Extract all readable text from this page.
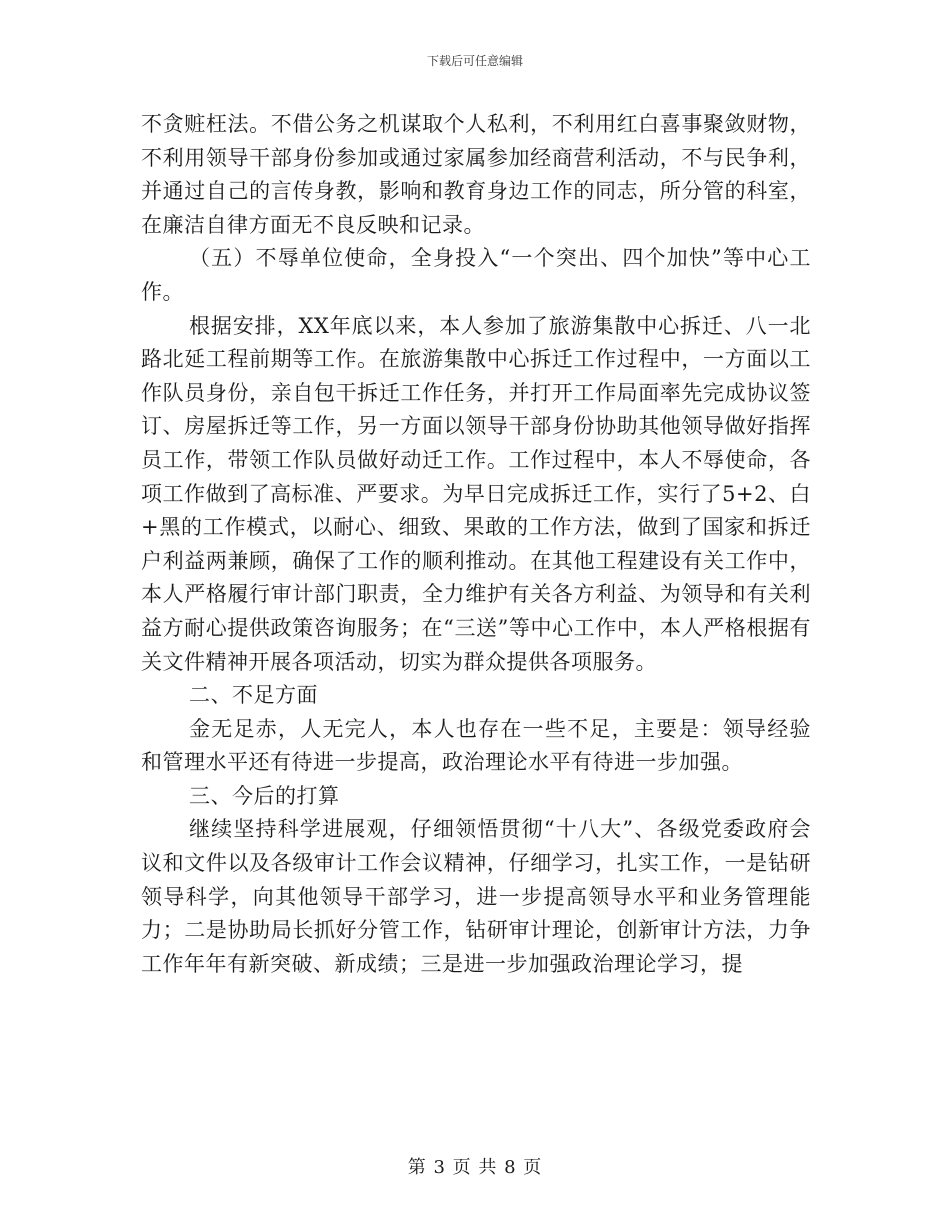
下载后可任意编辑

不贪赃枉法。不借公务之机谋取个人私利，不利用红白喜事聚敛财物，不利用领导干部身份参加或通过家属参加经商营利活动，不与民争利，并通过自己的言传身教，影响和教育身边工作的同志，所分管的科室，在廉洁自律方面无不良反映和记录。

（五）不辱单位使命，全身投入“一个突出、四个加快”等中心工作。

根据安排，XX年底以来，本人参加了旅游集散中心拆迁、八一北路北延工程前期等工作。在旅游集散中心拆迁工作过程中，一方面以工作队员身份，亲自包干拆迁工作任务，并打开工作局面率先完成协议签订、房屋拆迁等工作，另一方面以领导干部身份协助其他领导做好指挥员工作，带领工作队员做好动迁工作。工作过程中，本人不辱使命，各项工作做到了高标准、严要求。为早日完成拆迁工作，实行了5+2、白+黑的工作模式，以耐心、细致、果敢的工作方法，做到了国家和拆迁户利益两兼顾，确保了工作的顺利推动。在其他工程建设有关工作中，本人严格履行审计部门职责，全力维护有关各方利益、为领导和有关利益方耐心提供政策咨询服务；在“三送”等中心工作中，本人严格根据有关文件精神开展各项活动，切实为群众提供各项服务。

二、不足方面

金无足赤，人无完人，本人也存在一些不足，主要是：领导经验和管理水平还有待进一步提高，政治理论水平有待进一步加强。

三、今后的打算

继续坚持科学进展观，仔细领悟贯彻“十八大”、各级党委政府会议和文件以及各级审计工作会议精神，仔细学习，扎实工作，一是钻研领导科学，向其他领导干部学习，进一步提高领导水平和业务管理能力；二是协助局长抓好分管工作，钻研审计理论，创新审计方法，力争工作年年有新突破、新成绩；三是进一步加强政治理论学习，提

第 3 页 共 8 页
